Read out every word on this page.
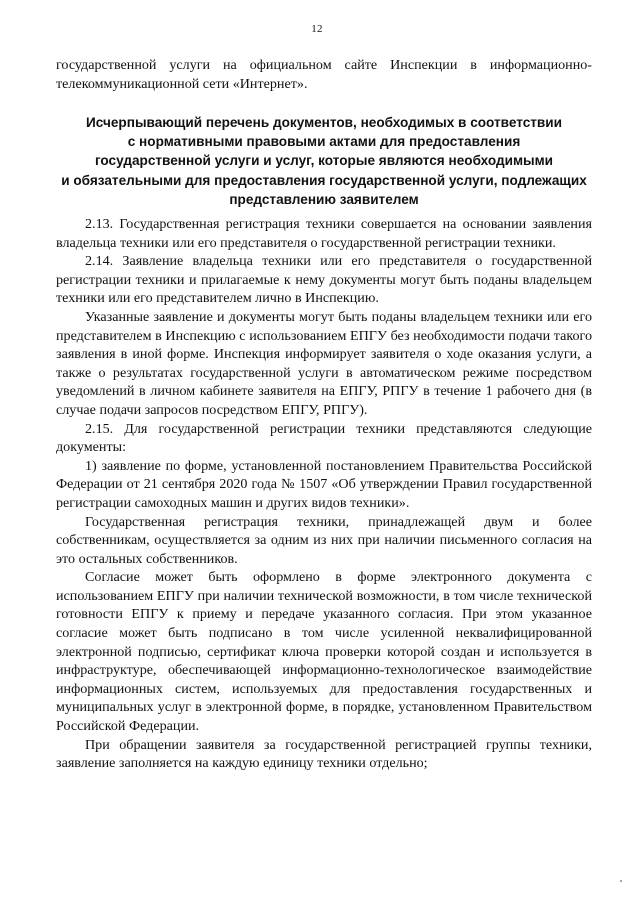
12
государственной услуги на официальном сайте Инспекции в информационно-телекоммуникационной сети «Интернет».
Исчерпывающий перечень документов, необходимых в соответствии
с нормативными правовыми актами для предоставления
государственной услуги и услуг, которые являются необходимыми
и обязательными для предоставления государственной услуги, подлежащих
представлению заявителем

2.13. Государственная регистрация техники совершается на основании заявления владельца техники или его представителя о государственной регистрации техники.

2.14. Заявление владельца техники или его представителя о государственной регистрации техники и прилагаемые к нему документы могут быть поданы владельцем техники или его представителем лично в Инспекцию.

Указанные заявление и документы могут быть поданы владельцем техники или его представителем в Инспекцию с использованием ЕПГУ без необходимости подачи такого заявления в иной форме. Инспекция информирует заявителя о ходе оказания услуги, а также о результатах государственной услуги в автоматическом режиме посредством уведомлений в личном кабинете заявителя на ЕПГУ, РПГУ в течение 1 рабочего дня (в случае подачи запросов посредством ЕПГУ, РПГУ).

2.15. Для государственной регистрации техники представляются следующие документы:

1) заявление по форме, установленной постановлением Правительства Российской Федерации от 21 сентября 2020 года № 1507 «Об утверждении Правил государственной регистрации самоходных машин и других видов техники».

Государственная регистрация техники, принадлежащей двум и более собственникам, осуществляется за одним из них при наличии письменного согласия на это остальных собственников.

Согласие может быть оформлено в форме электронного документа с использованием ЕПГУ при наличии технической возможности, в том числе технической готовности ЕПГУ к приему и передаче указанного согласия. При этом указанное согласие может быть подписано в том числе усиленной неквалифицированной электронной подписью, сертификат ключа проверки которой создан и используется в инфраструктуре, обеспечивающей информационно-технологическое взаимодействие информационных систем, используемых для предоставления государственных и муниципальных услуг в электронной форме, в порядке, установленном Правительством Российской Федерации.

При обращении заявителя за государственной регистрацией группы техники, заявление заполняется на каждую единицу техники отдельно;
